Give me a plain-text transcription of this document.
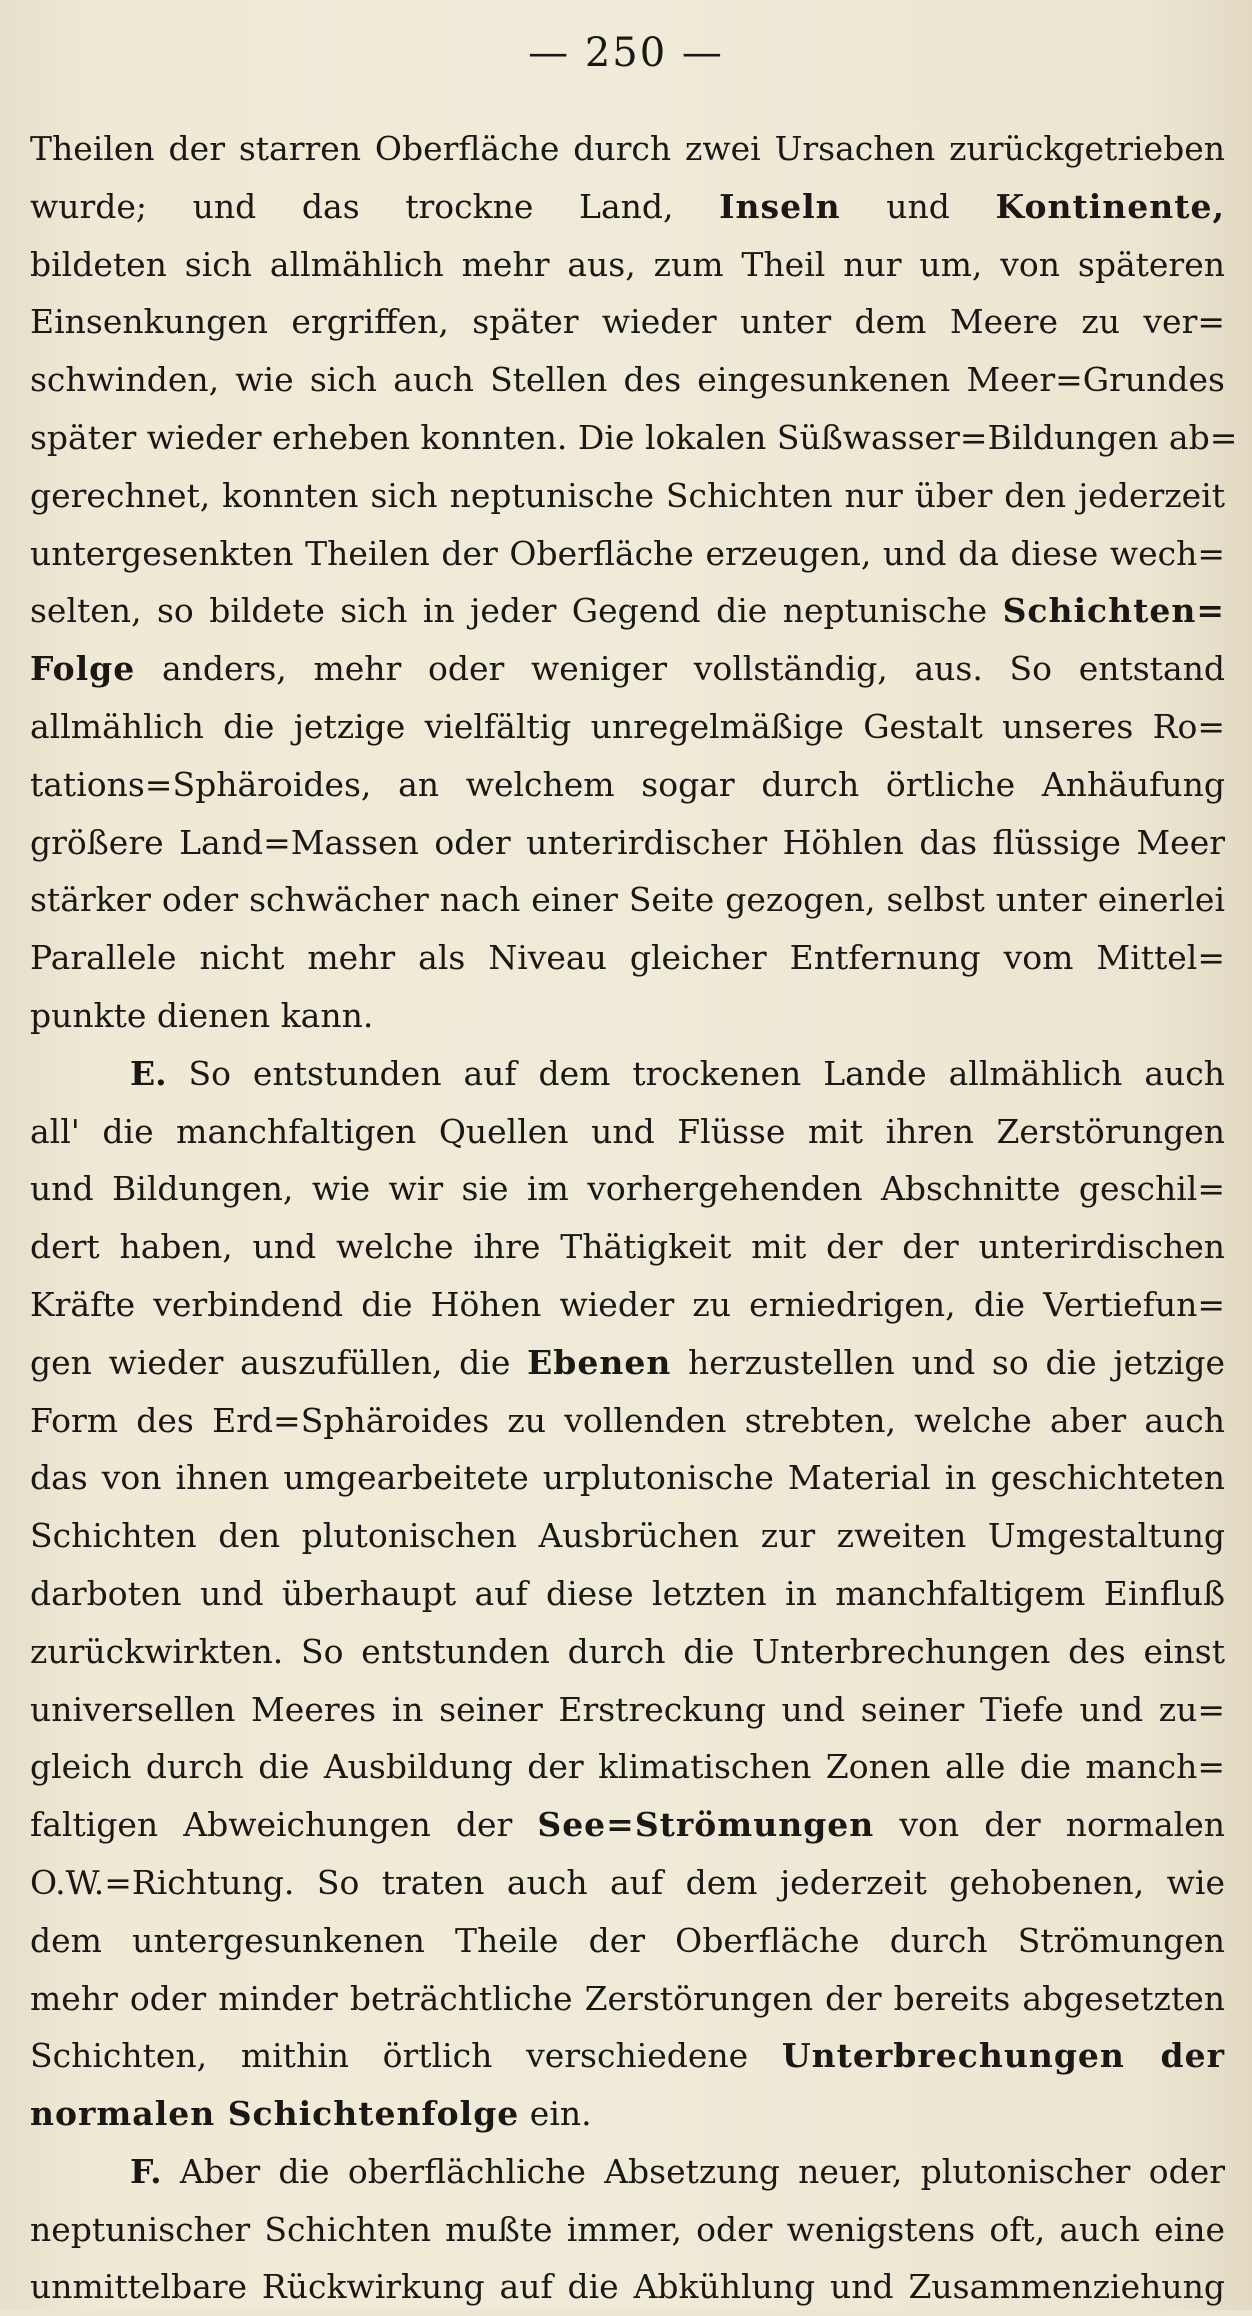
— 250 —
Theilen der starren Oberfläche durch zwei Ursachen zurückgetrieben
wurde; und das trockne Land, Inseln und Kontinente,
bildeten sich allmählich mehr aus, zum Theil nur um, von späteren
Einsenkungen ergriffen, später wieder unter dem Meere zu ver=
schwinden, wie sich auch Stellen des eingesunkenen Meer=Grundes
später wieder erheben konnten. Die lokalen Süßwasser=Bildungen ab=
gerechnet, konnten sich neptunische Schichten nur über den jederzeit
untergesenkten Theilen der Oberfläche erzeugen, und da diese wech=
selten, so bildete sich in jeder Gegend die neptunische Schichten=
Folge anders, mehr oder weniger vollständig, aus. So entstand
allmählich die jetzige vielfältig unregelmäßige Gestalt unseres Ro=
tations=Sphäroides, an welchem sogar durch örtliche Anhäufung
größere Land=Massen oder unterirdischer Höhlen das flüssige Meer
stärker oder schwächer nach einer Seite gezogen, selbst unter einerlei
Parallele nicht mehr als Niveau gleicher Entfernung vom Mittel=
punkte dienen kann.
E. So entstunden auf dem trockenen Lande allmählich auch
all' die manchfaltigen Quellen und Flüsse mit ihren Zerstörungen
und Bildungen, wie wir sie im vorhergehenden Abschnitte geschil=
dert haben, und welche ihre Thätigkeit mit der der unterirdischen
Kräfte verbindend die Höhen wieder zu erniedrigen, die Vertiefun=
gen wieder auszufüllen, die Ebenen herzustellen und so die jetzige
Form des Erd=Sphäroides zu vollenden strebten, welche aber auch
das von ihnen umgearbeitete urplutonische Material in geschichteten
Schichten den plutonischen Ausbrüchen zur zweiten Umgestaltung
darboten und überhaupt auf diese letzten in manchfaltigem Einfluß
zurückwirkten. So entstunden durch die Unterbrechungen des einst
universellen Meeres in seiner Erstreckung und seiner Tiefe und zu=
gleich durch die Ausbildung der klimatischen Zonen alle die manch=
faltigen Abweichungen der See=Strömungen von der normalen
O.W.=Richtung. So traten auch auf dem jederzeit gehobenen, wie
dem untergesunkenen Theile der Oberfläche durch Strömungen
mehr oder minder beträchtliche Zerstörungen der bereits abgesetzten
Schichten, mithin örtlich verschiedene Unterbrechungen der
normalen Schichtenfolge ein.
F. Aber die oberflächliche Absetzung neuer, plutonischer oder
neptunischer Schichten mußte immer, oder wenigstens oft, auch eine
unmittelbare Rückwirkung auf die Abkühlung und Zusammenziehung
